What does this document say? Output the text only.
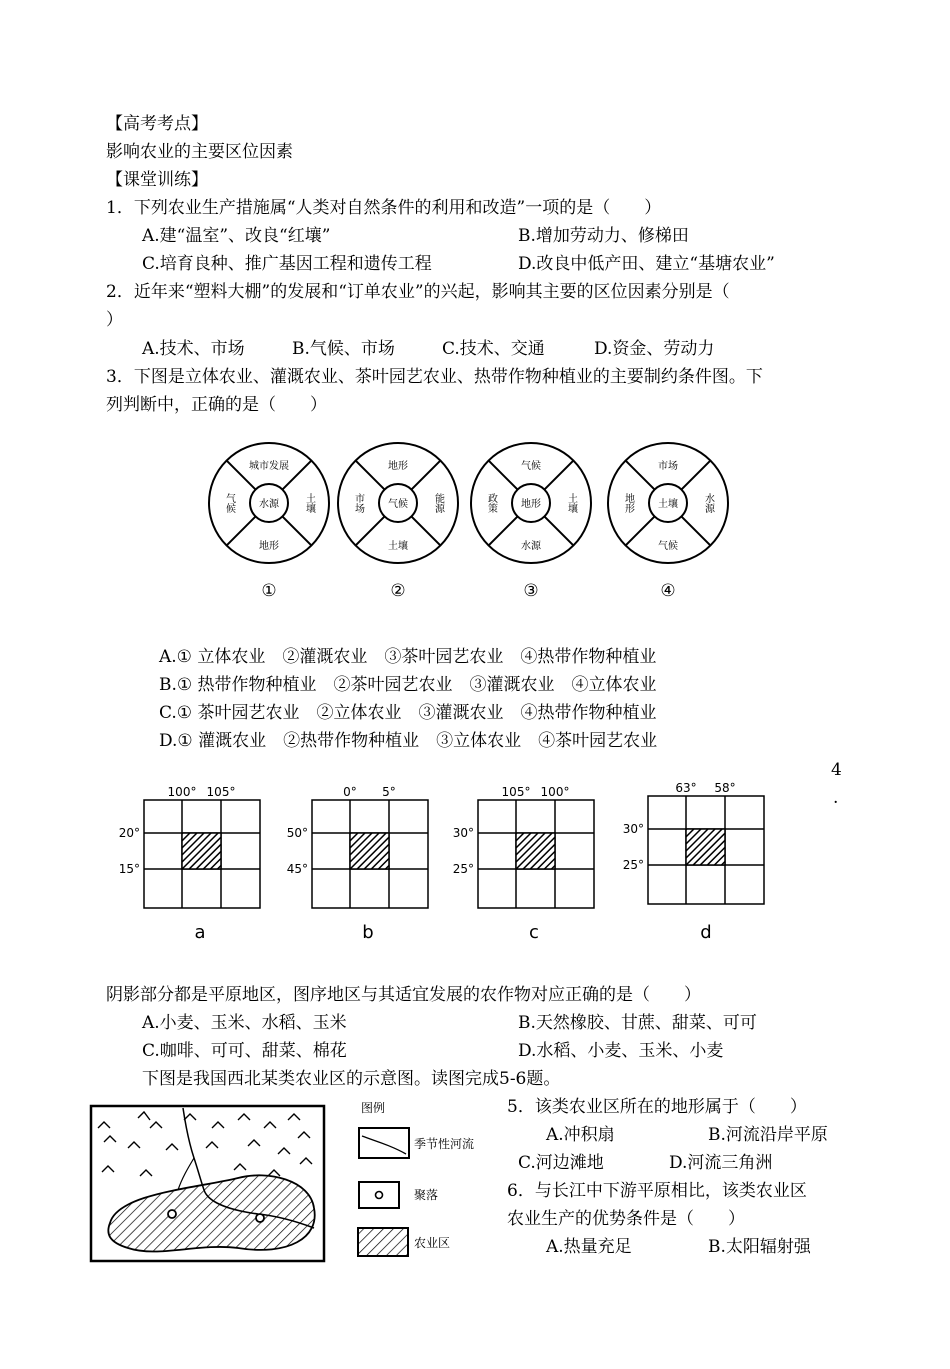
【高考考点】
影响农业的主要区位因素
【课堂训练】
1．下列农业生产措施属“人类对自然条件的利用和改造”一项的是（　　）
A.建“温室”、改良“红壤”	B.增加劳动力、修梯田
C.培育良种、推广基因工程和遗传工程	D.改良中低产田、建立“基塘农业”
2．近年来“塑料大棚”的发展和“订单农业”的兴起，影响其主要的区位因素分别是（
）
A.技术、市场	B.气候、市场	C.技术、交通	D.资金、劳动力
3．下图是立体农业、灌溉农业、茶叶园艺农业、热带作物种植业的主要制约条件图。下
列判断中，正确的是（　　）
水源
城市发展
地形
气候	土壤
①
气候
地形
土壤
市场	能源
②
地形
气候
水源
政策	土壤
③
土壤
市场
气候
地形	水源
④
A.① 立体农业　②灌溉农业　③茶叶园艺农业　④热带作物种植业
B.① 热带作物种植业　②茶叶园艺农业　③灌溉农业　④立体农业
C.① 茶叶园艺农业　②立体农业　③灌溉农业　④热带作物种植业
D.① 灌溉农业　②热带作物种植业　③立体农业　④茶叶园艺农业
100° 105°
20°
15°
a
0° 5°
50°
45°
b
105° 100°
30°
25°
c
63° 58°
30°
25°
d
4
.
阴影部分都是平原地区，图序地区与其适宜发展的农作物对应正确的是（　　）
A.小麦、玉米、水稻、玉米	B.天然橡胶、甘蔗、甜菜、可可
C.咖啡、可可、甜菜、棉花	D.水稻、小麦、玉米、小麦
下图是我国西北某类农业区的示意图。读图完成5-6题。
图例
季节性河流
聚落
农业区
5．该类农业区所在的地形属于（　　）
A.冲积扇	B.河流沿岸平原
C.河边滩地	D.河流三角洲
6．与长江中下游平原相比，该类农业区
农业生产的优势条件是（　　）
A.热量充足	B.太阳辐射强
